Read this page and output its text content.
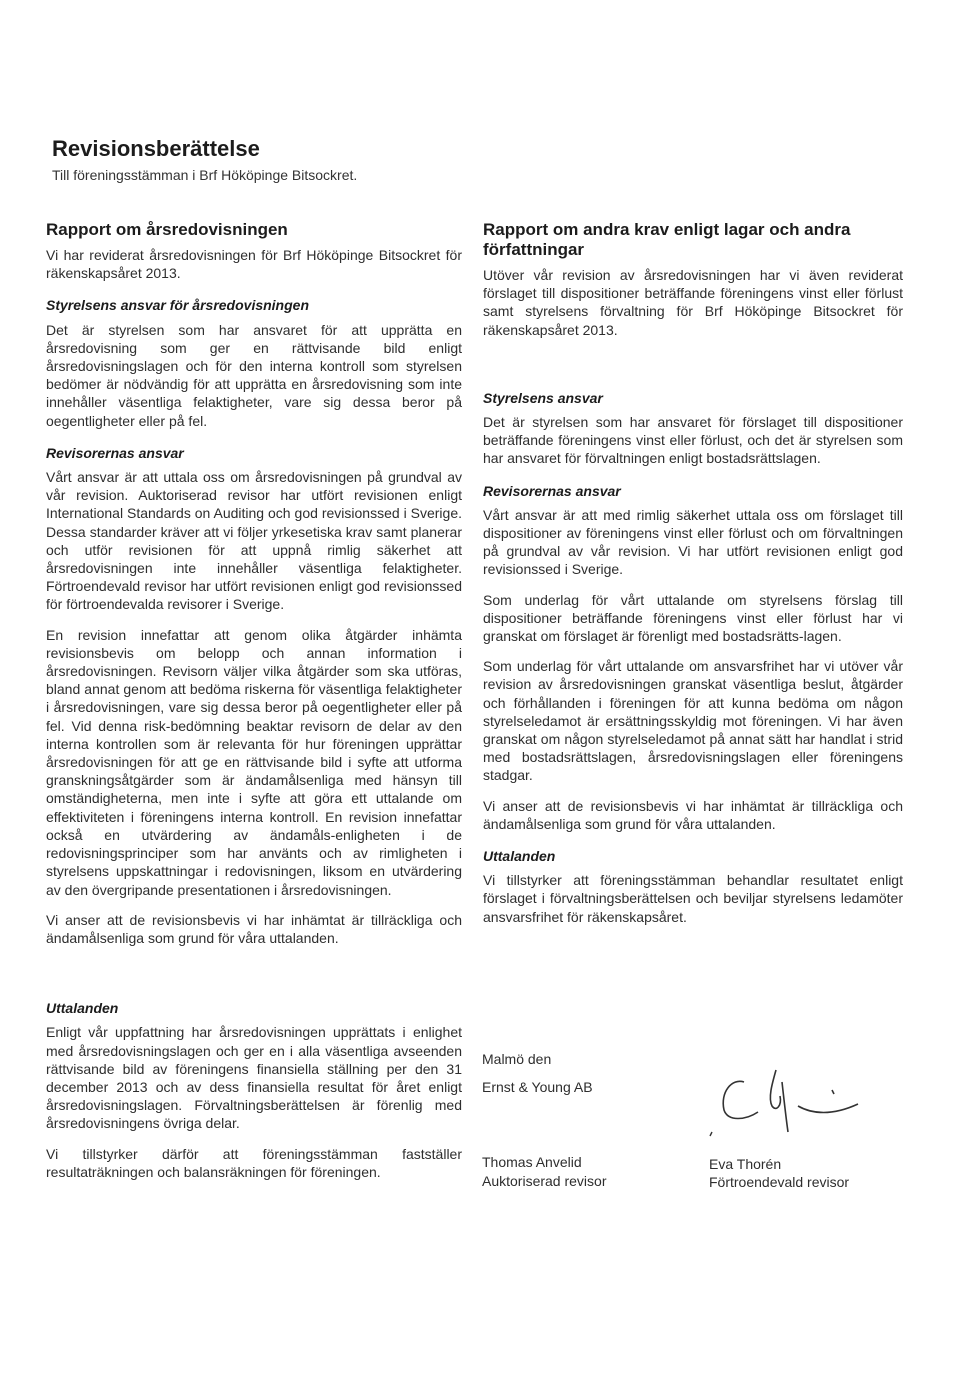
Revisionsberättelse
Till föreningsstämman i Brf Hököpinge Bitsockret.
Rapport om årsredovisningen

Vi har reviderat årsredovisningen för Brf Hököpinge Bitsockret för räkenskapsåret 2013.

Styrelsens ansvar för årsredovisningen

Det är styrelsen som har ansvaret för att upprätta en årsredovisning som ger en rättvisande bild enligt årsredovisningslagen och för den interna kontroll som styrelsen bedömer är nödvändig för att upprätta en årsredovisning som inte innehåller väsentliga felaktigheter, vare sig dessa beror på oegentligheter eller på fel.

Revisorernas ansvar

Vårt ansvar är att uttala oss om årsredovisningen på grundval av vår revision. Auktoriserad revisor har utfört revisionen enligt International Standards on Auditing och god revisionssed i Sverige. Dessa standarder kräver att vi följer yrkesetiska krav samt planerar och utför revisionen för att uppnå rimlig säkerhet att årsredovisningen inte innehåller väsentliga felaktigheter. Förtroendevald revisor har utfört revisionen enligt god revisionssed för förtroendevalda revisorer i Sverige.

En revision innefattar att genom olika åtgärder inhämta revisionsbevis om belopp och annan information i årsredovisningen. Revisorn väljer vilka åtgärder som ska utföras, bland annat genom att bedöma riskerna för väsentliga felaktigheter i årsredovisningen, vare sig dessa beror på oegentligheter eller på fel. Vid denna risk-bedömning beaktar revisorn de delar av den interna kontrollen som är relevanta för hur föreningen upprättar årsredovisningen för att ge en rättvisande bild i syfte att utforma granskningsåtgärder som är ändamålsenliga med hänsyn till omständigheterna, men inte i syfte att göra ett uttalande om effektiviteten i föreningens interna kontroll. En revision innefattar också en utvärdering av ändamåls-enligheten i de redovisningsprinciper som har använts och av rimligheten i styrelsens uppskattningar i redovisningen, liksom en utvärdering av den övergripande presentationen i årsredovisningen.

Vi anser att de revisionsbevis vi har inhämtat är tillräckliga och ändamålsenliga som grund för våra uttalanden.

Uttalanden

Enligt vår uppfattning har årsredovisningen upprättats i enlighet med årsredovisningslagen och ger en i alla väsentliga avseenden rättvisande bild av föreningens finansiella ställning per den 31 december 2013 och av dess finansiella resultat för året enligt årsredovisningslagen. Förvaltningsberättelsen är förenlig med årsredovisningens övriga delar.

Vi tillstyrker därför att föreningsstämman fastställer resultaträkningen och balansräkningen för föreningen.

Rapport om andra krav enligt lagar och andra författningar

Utöver vår revision av årsredovisningen har vi även reviderat förslaget till dispositioner beträffande föreningens vinst eller förlust samt styrelsens förvaltning för Brf Hököpinge Bitsockret för räkenskapsåret 2013.

Styrelsens ansvar

Det är styrelsen som har ansvaret för förslaget till dispositioner beträffande föreningens vinst eller förlust, och det är styrelsen som har ansvaret för förvaltningen enligt bostadsrättslagen.

Revisorernas ansvar

Vårt ansvar är att med rimlig säkerhet uttala oss om förslaget till dispositioner av föreningens vinst eller förlust och om förvaltningen på grundval av vår revision. Vi har utfört revisionen enligt god revisionssed i Sverige.

Som underlag för vårt uttalande om styrelsens förslag till dispositioner beträffande föreningens vinst eller förlust har vi granskat om förslaget är förenligt med bostadsrätts-lagen.

Som underlag för vårt uttalande om ansvarsfrihet har vi utöver vår revision av årsredovisningen granskat väsentliga beslut, åtgärder och förhållanden i föreningen för att kunna bedöma om någon styrelseledamot är ersättningsskyldig mot föreningen. Vi har även granskat om någon styrelseledamot på annat sätt har handlat i strid med bostadsrättslagen, årsredovisningslagen eller föreningens stadgar.

Vi anser att de revisionsbevis vi har inhämtat är tillräckliga och ändamålsenliga som grund för våra uttalanden.

Uttalanden

Vi tillstyrker att föreningsstämman behandlar resultatet enligt förslaget i förvaltningsberättelsen och beviljar styrelsens ledamöter ansvarsfrihet för räkenskapsåret.

Malmö den
Ernst & Young AB
Thomas Anvelid
Auktoriserad revisor
Eva Thorén
Förtroendevald revisor
